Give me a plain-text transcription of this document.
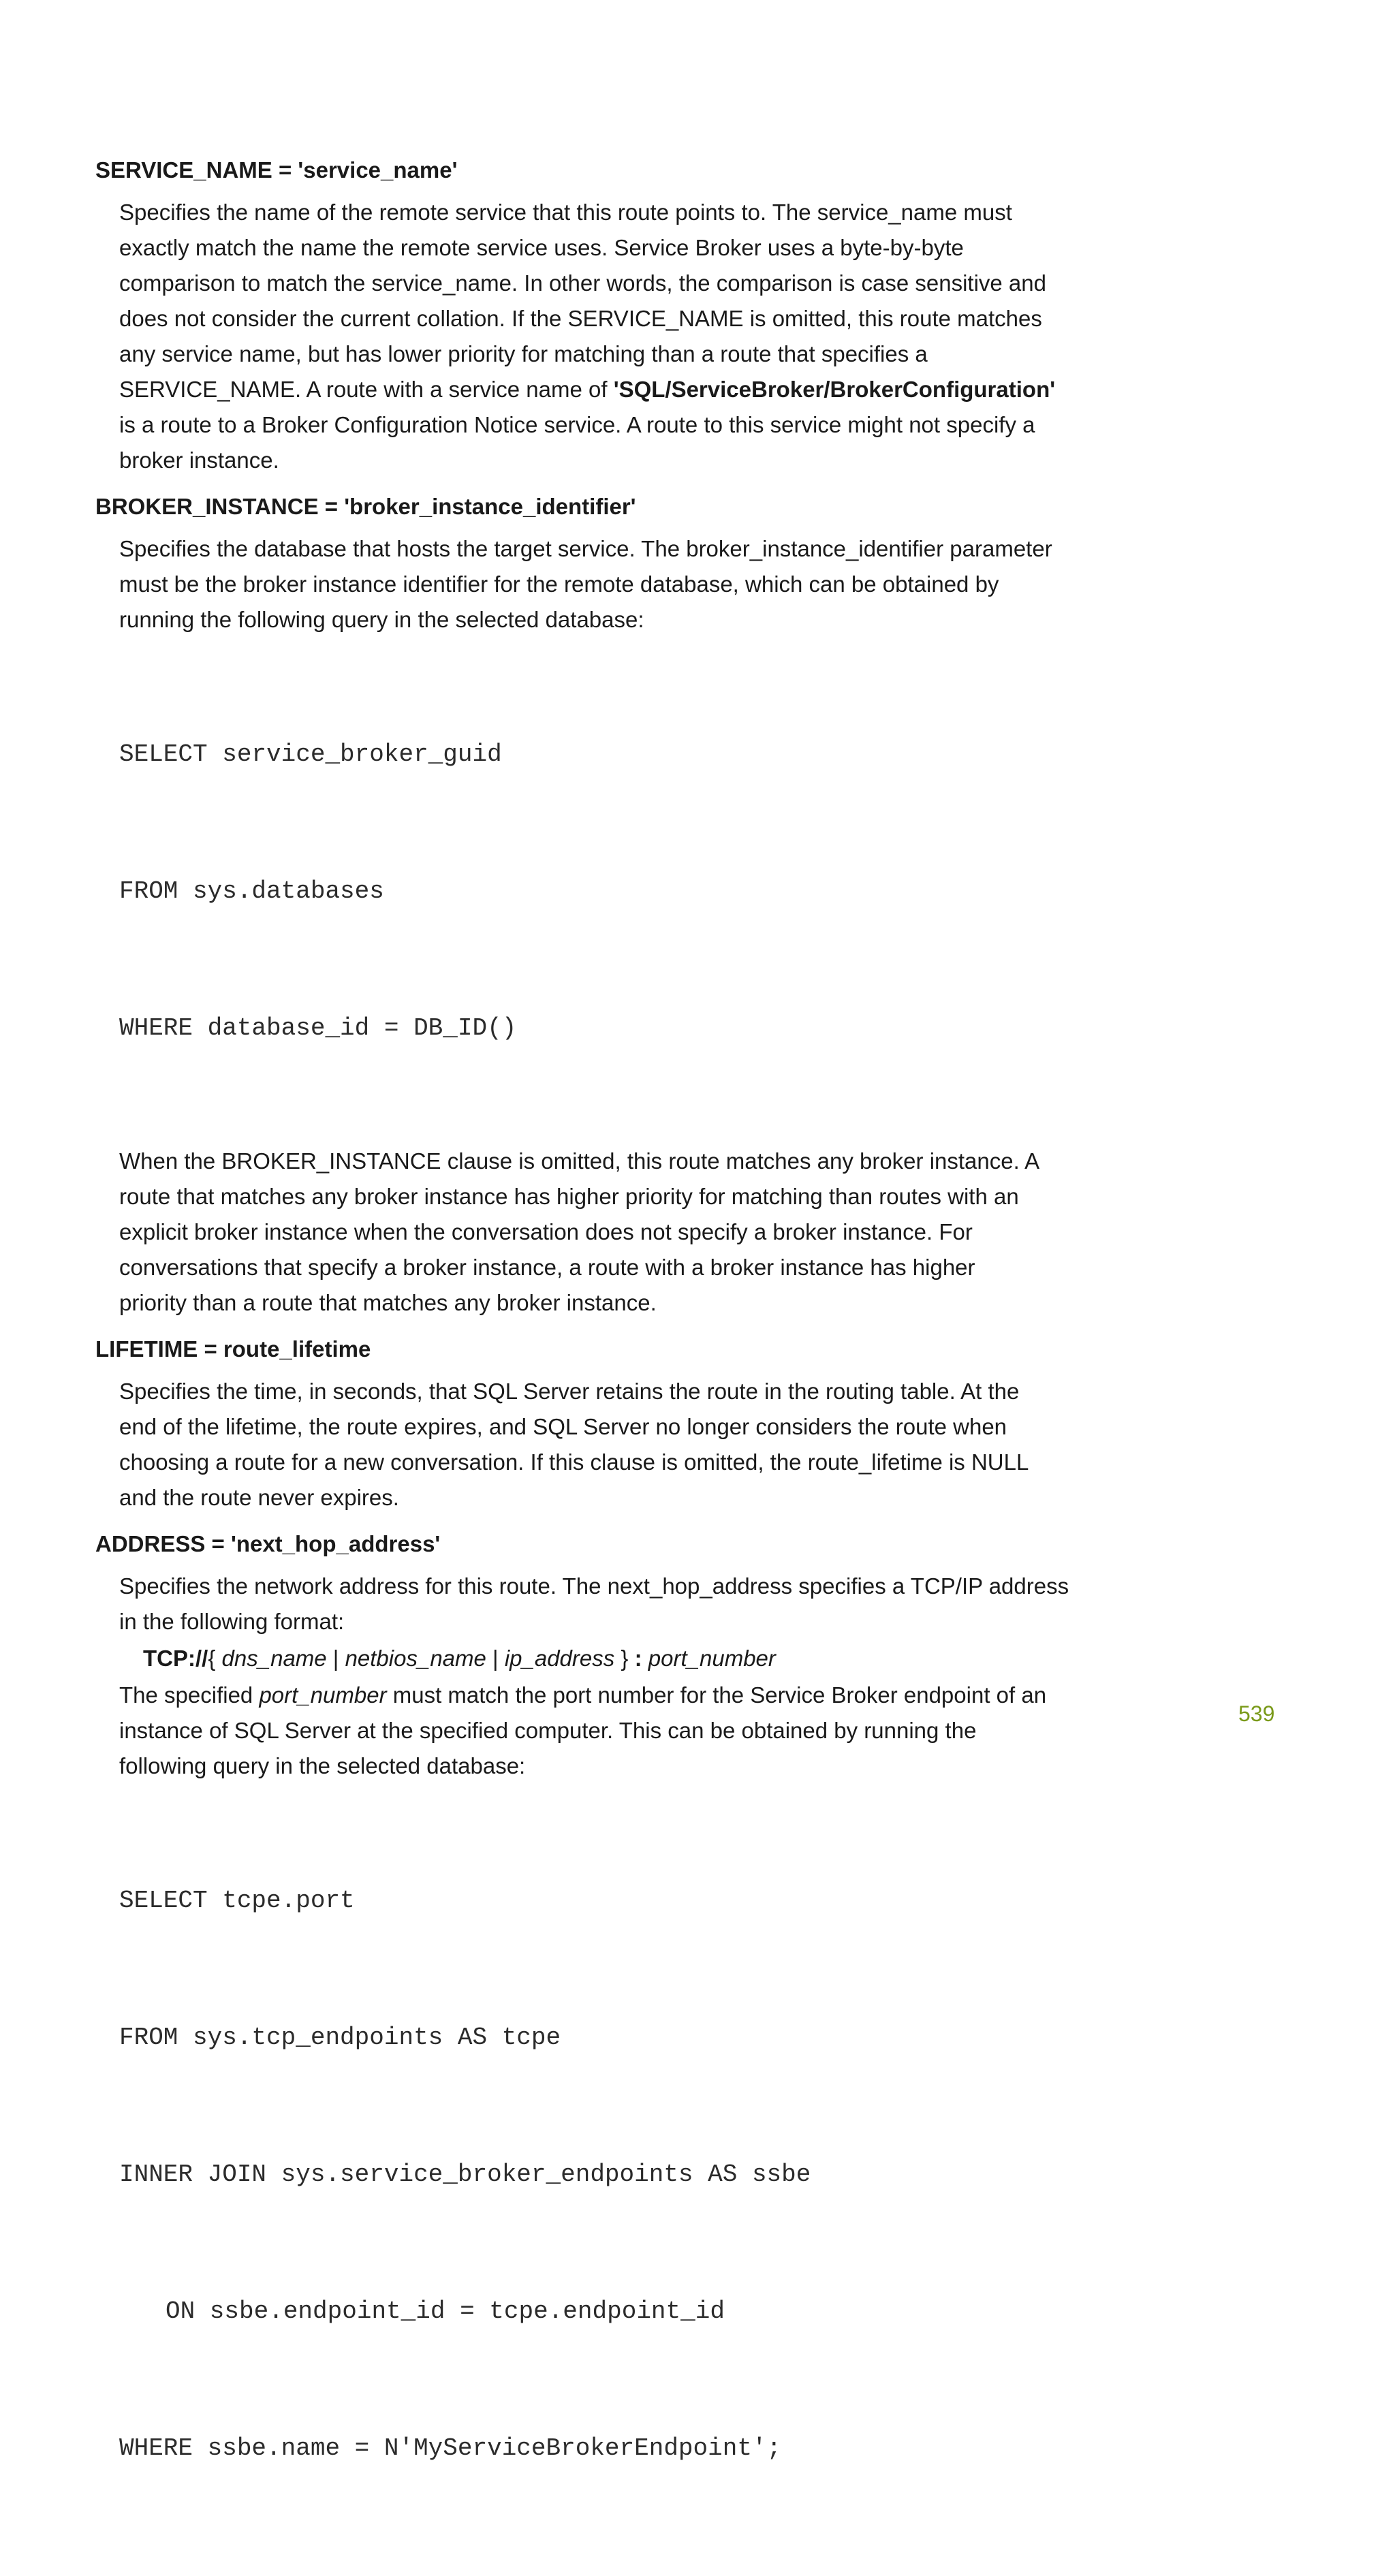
SERVICE_NAME = 'service_name'

Specifies the name of the remote service that this route points to. The service_name must

exactly match the name the remote service uses. Service Broker uses a byte-by-byte

comparison to match the service_name. In other words, the comparison is case sensitive and

does not consider the current collation. If the SERVICE_NAME is omitted, this route matches

any service name, but has lower priority for matching than a route that specifies a

SERVICE_NAME. A route with a service name of 'SQL/ServiceBroker/BrokerConfiguration'

is a route to a Broker Configuration Notice service. A route to this service might not specify a

broker instance.

BROKER_INSTANCE = 'broker_instance_identifier'

Specifies the database that hosts the target service. The broker_instance_identifier parameter

must be the broker instance identifier for the remote database, which can be obtained by

running the following query in the selected database:

SELECT service_broker_guid

FROM sys.databases

WHERE database_id = DB_ID()

When the BROKER_INSTANCE clause is omitted, this route matches any broker instance. A

route that matches any broker instance has higher priority for matching than routes with an

explicit broker instance when the conversation does not specify a broker instance. For

conversations that specify a broker instance, a route with a broker instance has higher

priority than a route that matches any broker instance.

LIFETIME = route_lifetime

Specifies the time, in seconds, that SQL Server retains the route in the routing table. At the

end of the lifetime, the route expires, and SQL Server no longer considers the route when

choosing a route for a new conversation. If this clause is omitted, the route_lifetime is NULL

and the route never expires.

ADDRESS = 'next_hop_address'

Specifies the network address for this route. The next_hop_address specifies a TCP/IP address

in the following format:

TCP://{ dns_name | netbios_name | ip_address } : port_number

The specified port_number must match the port number for the Service Broker endpoint of an

instance of SQL Server at the specified computer. This can be obtained by running the

following query in the selected database:

SELECT tcpe.port

FROM sys.tcp_endpoints AS tcpe

INNER JOIN sys.service_broker_endpoints AS ssbe

ON ssbe.endpoint_id = tcpe.endpoint_id

WHERE ssbe.name = N'MyServiceBrokerEndpoint';

539
